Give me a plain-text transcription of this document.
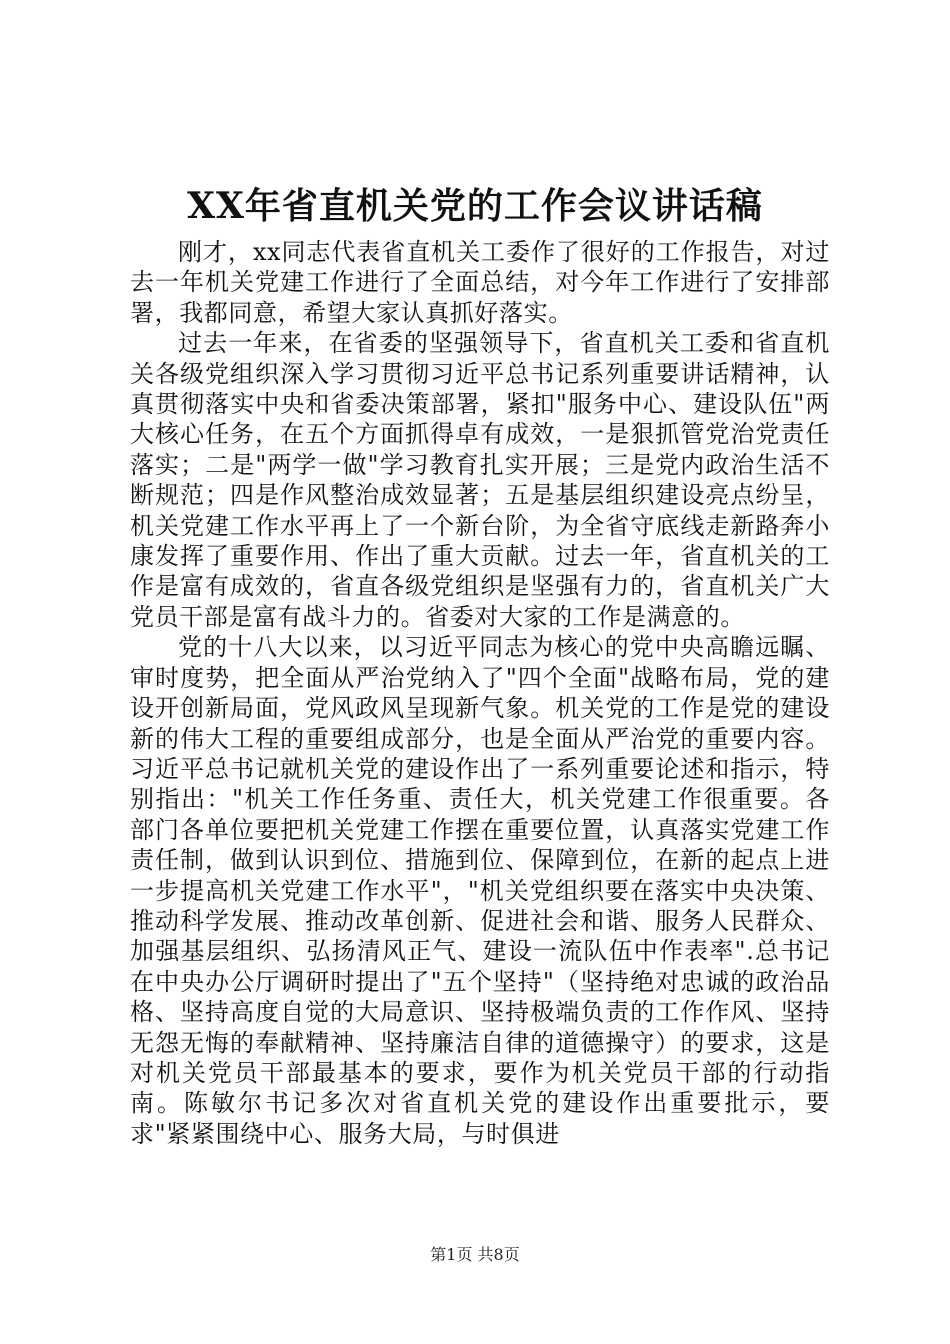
XX年省直机关党的工作会议讲话稿

刚才，xx同志代表省直机关工委作了很好的工作报告，对过去一年机关党建工作进行了全面总结，对今年工作进行了安排部署，我都同意，希望大家认真抓好落实。

过去一年来，在省委的坚强领导下，省直机关工委和省直机关各级党组织深入学习贯彻习近平总书记系列重要讲话精神，认真贯彻落实中央和省委决策部署，紧扣"服务中心、建设队伍"两大核心任务，在五个方面抓得卓有成效，一是狠抓管党治党责任落实；二是"两学一做"学习教育扎实开展；三是党内政治生活不断规范；四是作风整治成效显著；五是基层组织建设亮点纷呈，机关党建工作水平再上了一个新台阶，为全省守底线走新路奔小康发挥了重要作用、作出了重大贡献。过去一年，省直机关的工作是富有成效的，省直各级党组织是坚强有力的，省直机关广大党员干部是富有战斗力的。省委对大家的工作是满意的。

党的十八大以来，以习近平同志为核心的党中央高瞻远瞩、审时度势，把全面从严治党纳入了"四个全面"战略布局，党的建设开创新局面，党风政风呈现新气象。机关党的工作是党的建设新的伟大工程的重要组成部分，也是全面从严治党的重要内容。习近平总书记就机关党的建设作出了一系列重要论述和指示，特别指出："机关工作任务重、责任大，机关党建工作很重要。各部门各单位要把机关党建工作摆在重要位置，认真落实党建工作责任制，做到认识到位、措施到位、保障到位，在新的起点上进一步提高机关党建工作水平"，"机关党组织要在落实中央决策、推动科学发展、推动改革创新、促进社会和谐、服务人民群众、加强基层组织、弘扬清风正气、建设一流队伍中作表率".总书记在中央办公厅调研时提出了"五个坚持"（坚持绝对忠诚的政治品格、坚持高度自觉的大局意识、坚持极端负责的工作作风、坚持无怨无悔的奉献精神、坚持廉洁自律的道德操守）的要求，这是对机关党员干部最基本的要求，要作为机关党员干部的行动指南。陈敏尔书记多次对省直机关党的建设作出重要批示，要求"紧紧围绕中心、服务大局，与时俱进

第1页 共8页
